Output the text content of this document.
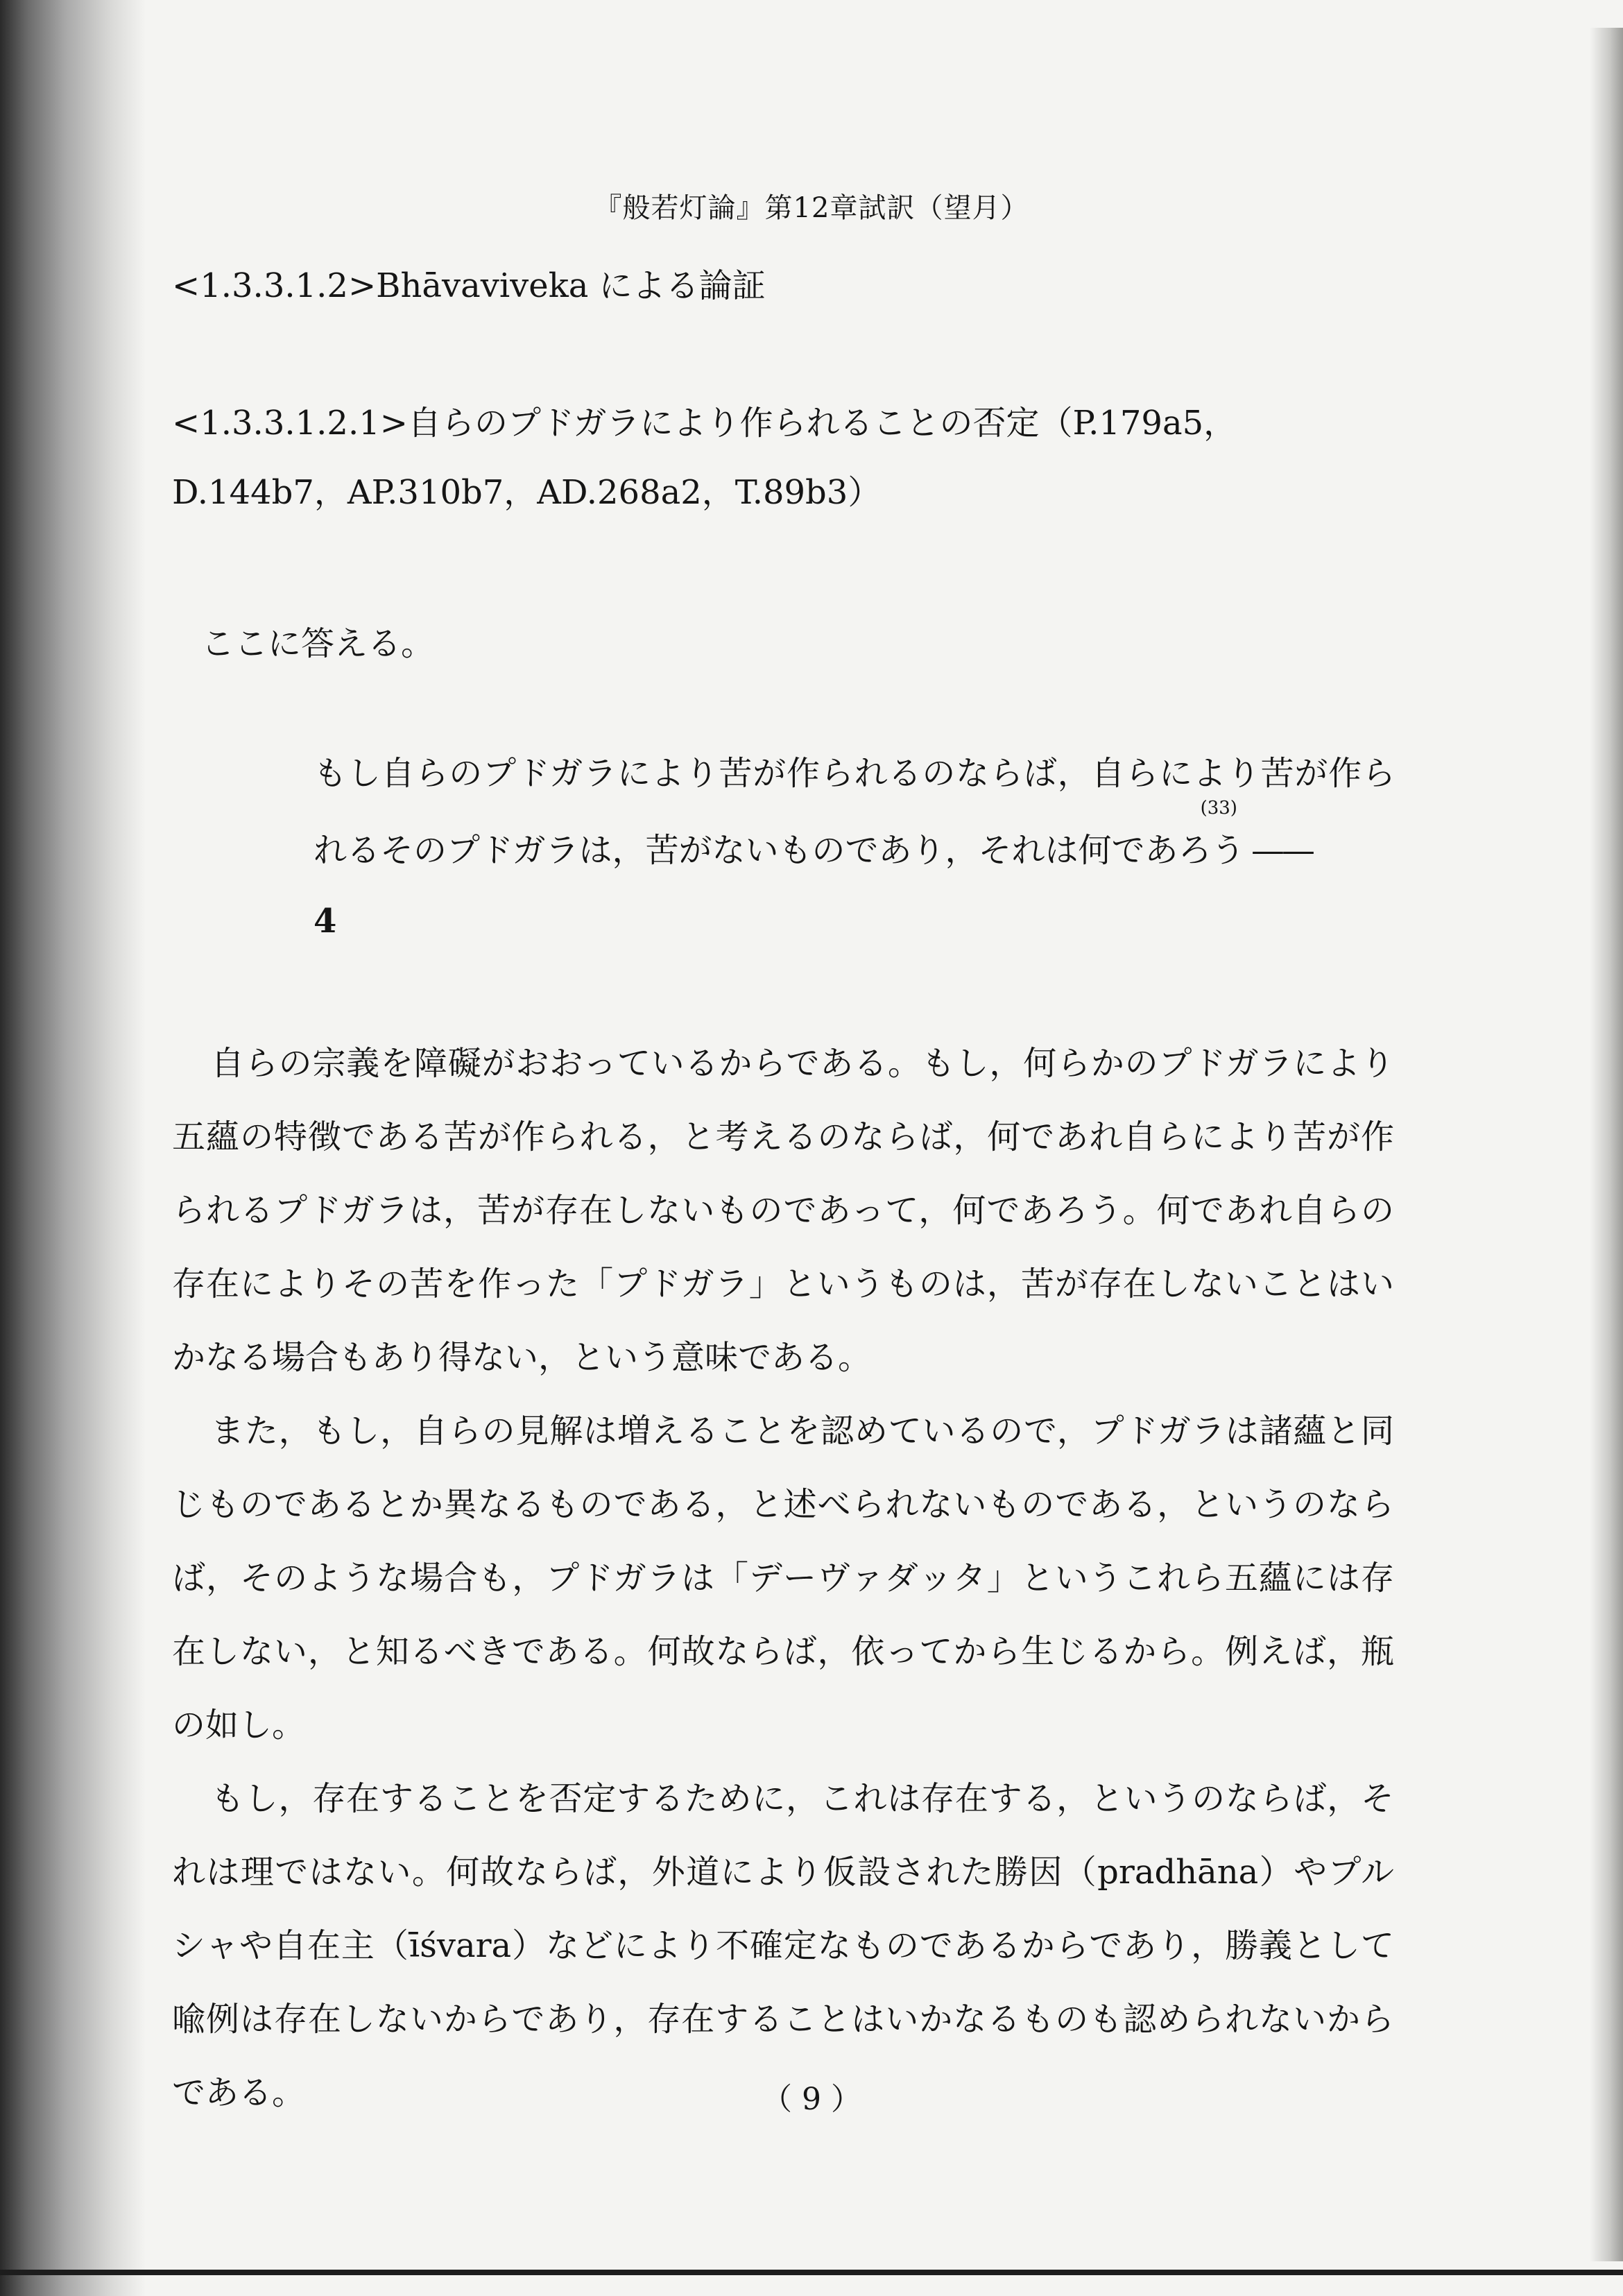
『般若灯論』第12章試訳（望月）
<1.3.3.1.2>Bhāvaviveka による論証
<1.3.3.1.2.1>自らのプドガラにより作られることの否定（P.179a5，D.144b7，AP.310b7，AD.268a2，T.89b3）
ここに答える。
もし自らのプドガラにより苦が作られるのならば，自らにより苦が作られるそのプドガラは，苦がないものであり，それは何であろう$^{(33)}$——
4

自らの宗義を障礙がおおっているからである。もし，何らかのプドガラにより五蘊の特徴である苦が作られる，と考えるのならば，何であれ自らにより苦が作られるプドガラは，苦が存在しないものであって，何であろう。何であれ自らの存在によりその苦を作った「プドガラ」というものは，苦が存在しないことはいかなる場合もあり得ない，という意味である。

また，もし，自らの見解は増えることを認めているので，プドガラは諸蘊と同じものであるとか異なるものである，と述べられないものである，というのならば，そのような場合も，プドガラは「デーヴァダッタ」というこれら五蘊には存在しない，と知るべきである。何故ならば，依ってから生じるから。例えば，瓶の如し。

もし，存在することを否定するために，これは存在する，というのならば，それは理ではない。何故ならば，外道により仮設された勝因（pradhāna）やプルシャや自在主（īśvara）などにより不確定なものであるからであり，勝義として喩例は存在しないからであり，存在することはいかなるものも認められないからである。	（ 9 ）
